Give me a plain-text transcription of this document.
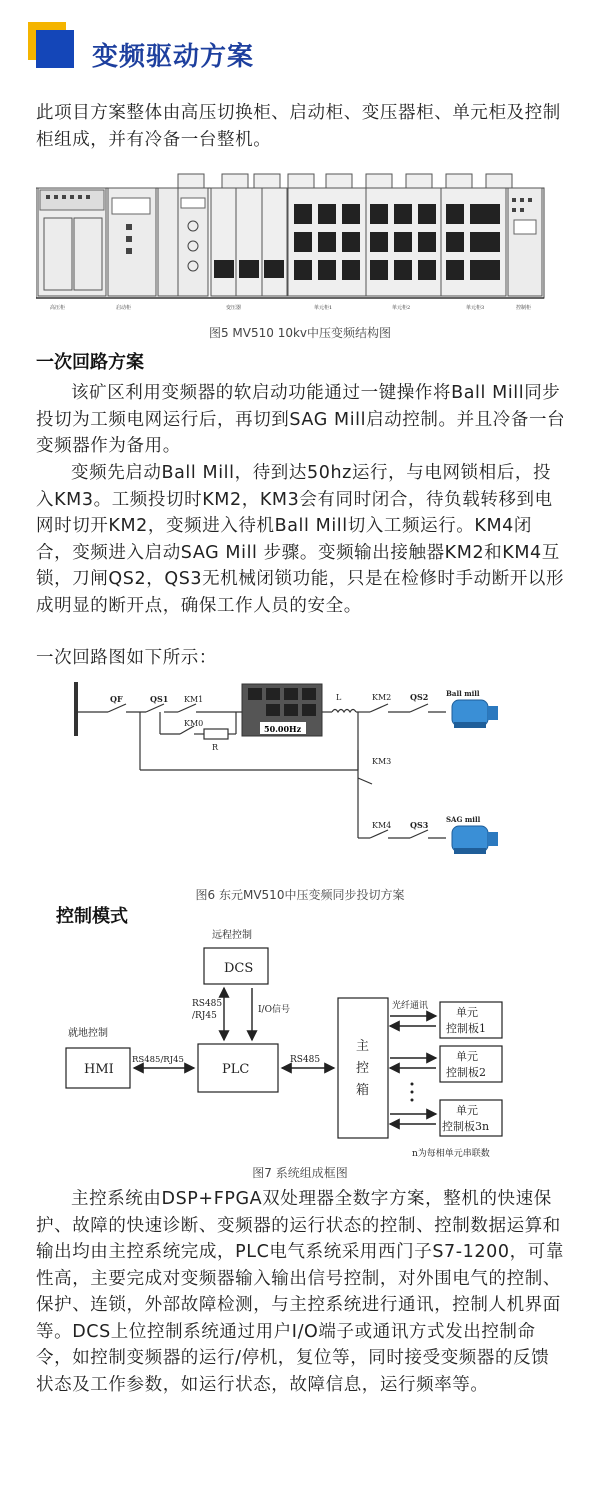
变频驱动方案
此项目方案整体由高压切换柜、启动柜、变压器柜、单元柜及控制柜组成，并有冷备一台整机。
高压柜	启动柜	变压器	单元柜1	单元柜2	单元柜3	控制柜
图5 MV510 10kv中压变频结构图
一次回路方案
该矿区利用变频器的软启动功能通过一键操作将Ball Mill同步投切为工频电网运行后，再切到SAG Mill启动控制。并且冷备一台变频器作为备用。
变频先启动Ball Mill，待到达50hz运行，与电网锁相后，投入KM3。工频投切时KM2，KM3会有同时闭合，待负载转移到电网时切开KM2，变频进入待机Ball Mill切入工频运行。KM4闭合，变频进入启动SAG Mill 步骤。变频输出接触器KM2和KM4互锁，刀闸QS2，QS3无机械闭锁功能，只是在检修时手动断开以形成明显的断开点，确保工作人员的安全。
一次回路图如下所示：
QF	QS1 KM1
KM0
R
50.00Hz
L	KM2 QS2	Ball mill
KM3
KM4 QS3
SAG mill
图6 东元MV510中压变频同步投切方案
控制模式
远程控制
DCS
RS485
/RJ45
I/O信号
就地控制
HMI
RS485/RJ45
PLC
RS485
主
控
箱
光纤通讯	单元
控制板1
单元
控制板2
单元
控制板3n
n为每相单元串联数
图7 系统组成框图
主控系统由DSP+FPGA双处理器全数字方案，整机的快速保护、故障的快速诊断、变频器的运行状态的控制、控制数据运算和输出均由主控系统完成，PLC电气系统采用西门子S7-1200，可靠性高，主要完成对变频器输入输出信号控制，对外围电气的控制、保护、连锁，外部故障检测，与主控系统进行通讯，控制人机界面等。DCS上位控制系统通过用户I/O端子或通讯方式发出控制命令，如控制变频器的运行/停机，复位等，同时接受变频器的反馈状态及工作参数，如运行状态，故障信息，运行频率等。
